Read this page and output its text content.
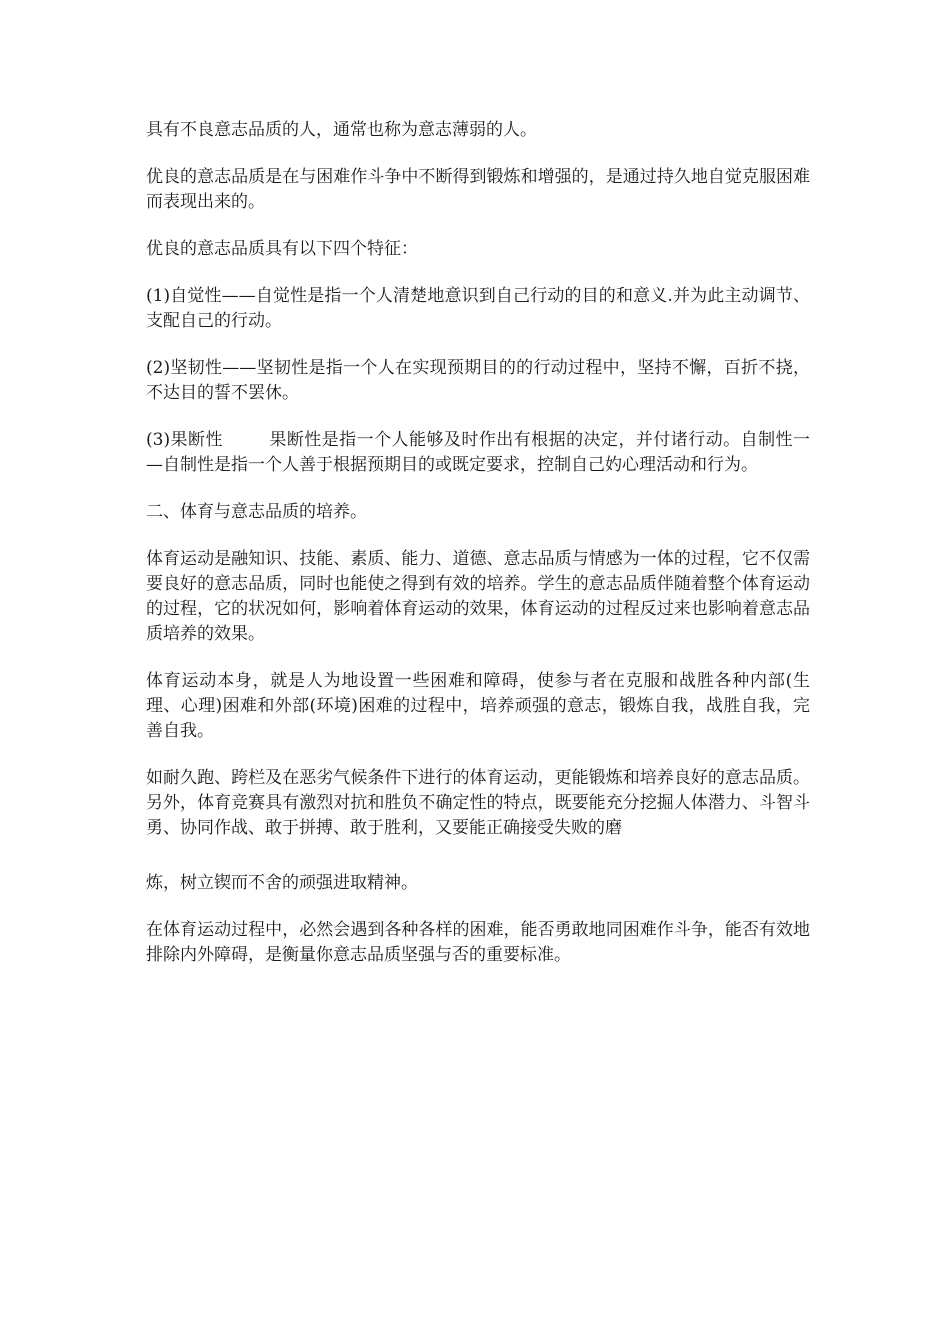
具有不良意志品质的人，通常也称为意志薄弱的人。

优良的意志品质是在与困难作斗争中不断得到锻炼和增强的，是通过持久地自觉克服困难而表现出来的。

优良的意志品质具有以下四个特征：

(1)自觉性——自觉性是指一个人清楚地意识到自己行动的目的和意义.并为此主动调节、支配自己的行动。

(2)坚韧性——坚韧性是指一个人在实现预期目的的行动过程中，坚持不懈，百折不挠，不达目的誓不罢休。

(3)果断性	果断性是指一个人能够及时作出有根据的决定，并付诸行动。自制性一—自制性是指一个人善于根据预期目的或既定要求，控制自己妁心理活动和行为。

二、体育与意志品质的培养。

体育运动是融知识、技能、素质、能力、道德、意志品质与情感为一体的过程，它不仅需要良好的意志品质，同时也能使之得到有效的培养。学生的意志品质伴随着整个体育运动的过程，它的状况如何，影响着体育运动的效果，体育运动的过程反过来也影响着意志品质培养的效果。

体育运动本身，就是人为地设置一些困难和障碍，使参与者在克服和战胜各种内部(生理、心理)困难和外部(环境)困难的过程中，培养顽强的意志，锻炼自我，战胜自我，完善自我。

如耐久跑、跨栏及在恶劣气候条件下进行的体育运动，更能锻炼和培养良好的意志品质。另外，体育竞赛具有激烈对抗和胜负不确定性的特点，既要能充分挖掘人体潜力、斗智斗勇、协同作战、敢于拼搏、敢于胜利，又要能正确接受失败的磨

炼，树立锲而不舍的顽强进取精神。

在体育运动过程中，必然会遇到各种各样的困难，能否勇敢地同困难作斗争，能否有效地排除内外障碍，是衡量你意志品质坚强与否的重要标准。
